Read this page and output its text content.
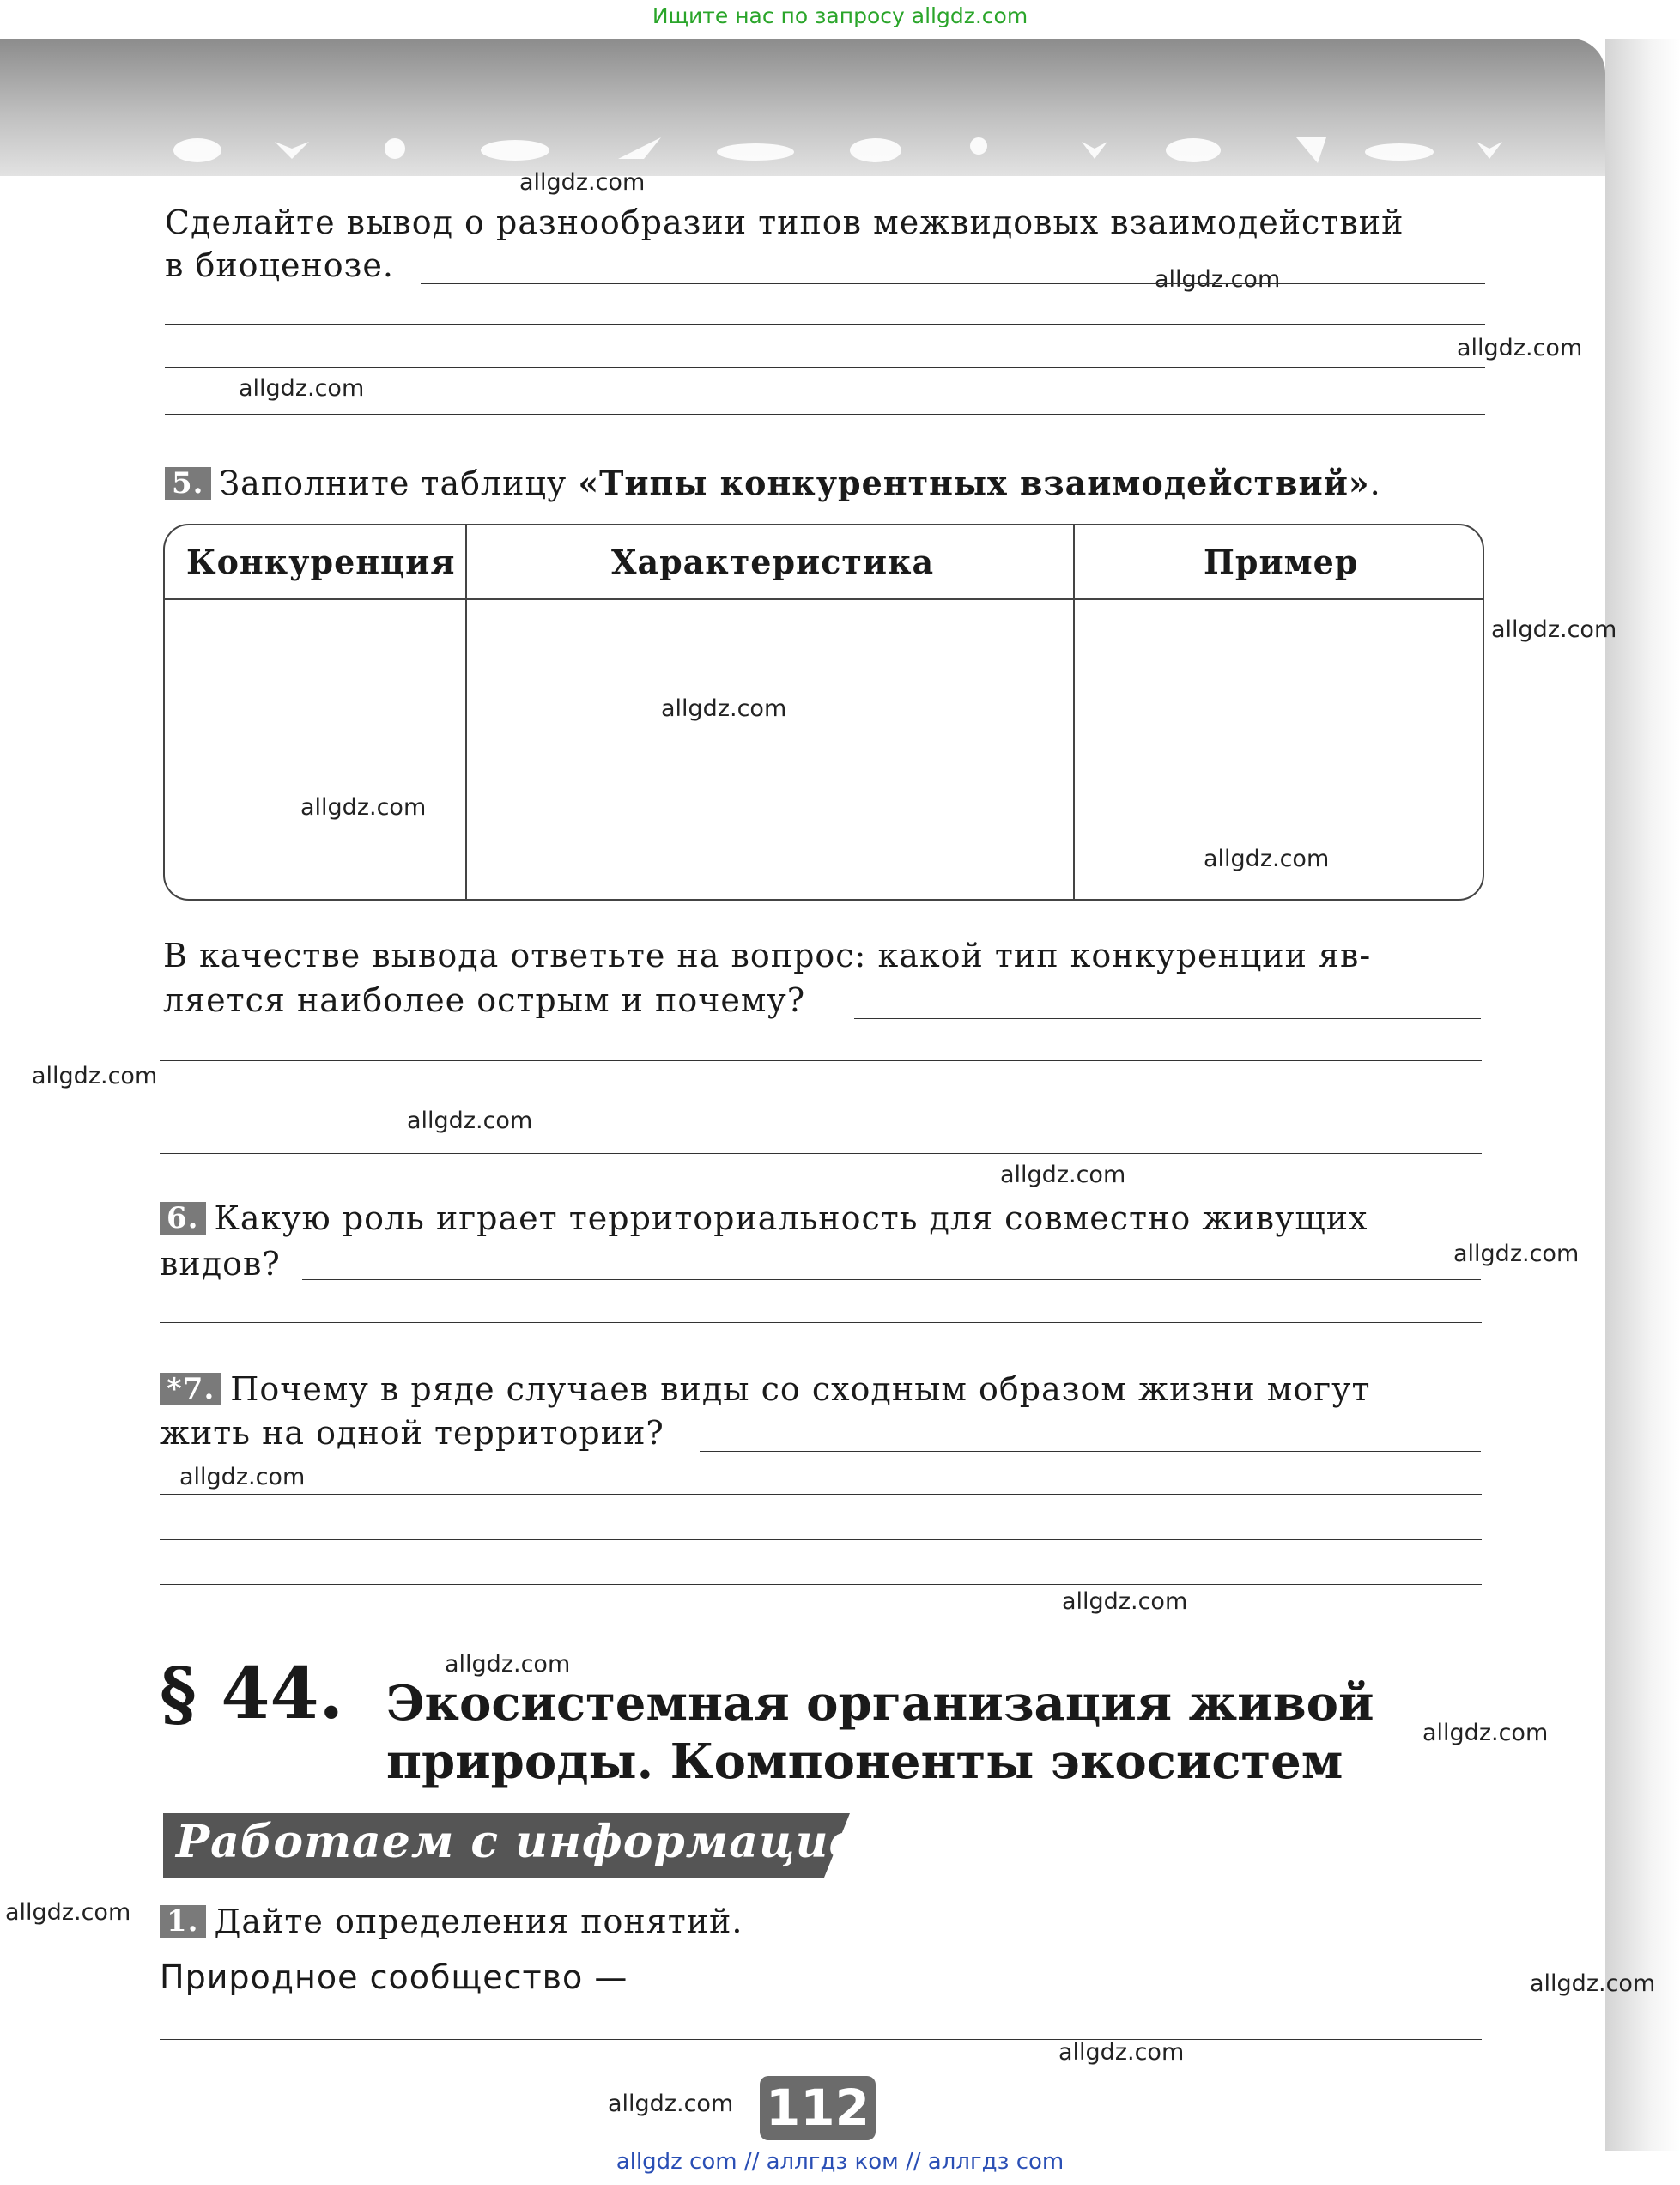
Ищите нас по запросу allgdz.com
allgdz.com
allgdz.com
allgdz.com
allgdz.com
allgdz.com
allgdz.com
allgdz.com
allgdz.com
allgdz.com
allgdz.com
allgdz.com
allgdz.com
allgdz.com
allgdz.com
allgdz.com
allgdz.com
allgdz.com
allgdz.com
allgdz.com
allgdz.com
Сделайте вывод о разнообразии типов межвидовых взаимодействий
в биоценозе.
5. Заполните таблицу «Типы конкурентных взаимодействий».
Конкуренция	Характеристика	Пример
В качестве вывода ответьте на вопрос: какой тип конкуренции яв-
ляется наиболее острым и почему?
6. Какую роль играет территориальность для совместно живущих
видов?
*7. Почему в ряде случаев виды со сходным образом жизни могут
жить на одной территории?
§ 44. Экосистемная организация живой
природы. Компоненты экосистем
Работаем с информацией
1. Дайте определения понятий.
Природное сообщество —
112
allgdz com // аллгдз ком // аллгдз com
